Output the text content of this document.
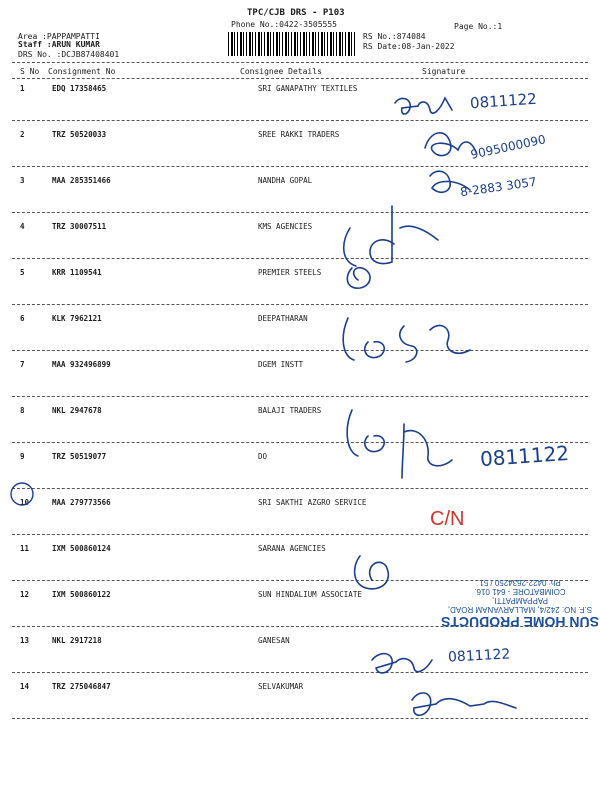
TPC/CJB DRS - P103
Phone No.:0422-3505555
Area :PAPPAMPATTI
Staff :ARUN KUMAR
DRS No. :DCJB87408401
RS No.:874084
RS Date:08-Jan-2022
Page No.:1
S No Consignment No	Consignee Details	Signature
1	EDQ 17358465	SRI GANAPATHY TEXTILES
2	TRZ 50520033	SREE RAKKI TRADERS
3	MAA 285351466	NANDHA GOPAL
4	TRZ 30007511	KMS AGENCIES
5	KRR 1109541	PREMIER STEELS
6	KLK 7962121	DEEPATHARAN
7	MAA 932496899	DGEM INSTT
8	NKL 2947678	BALAJI TRADERS
9	TRZ 50519077	DO
10	MAA 279773566	SRI SAKTHI AZGRO SERVICE
11	IXM 500860124	SARANA AGENCIES
12	IXM 500860122	SUN HINDALIUM ASSOCIATE
13	NKL 2917218	GANESAN
14	TRZ 275046847	SELVAKUMAR
0811122
9095000090
8-2883 3057
0811122
0811122
C/N
SUN HOME PRODUCTS
S.F. NO: 242/4, MALLARVANAM ROAD,
PAPPAMPATTI,
COIMBATORE - 641 016.
Ph: 0422-2634250 / 51
